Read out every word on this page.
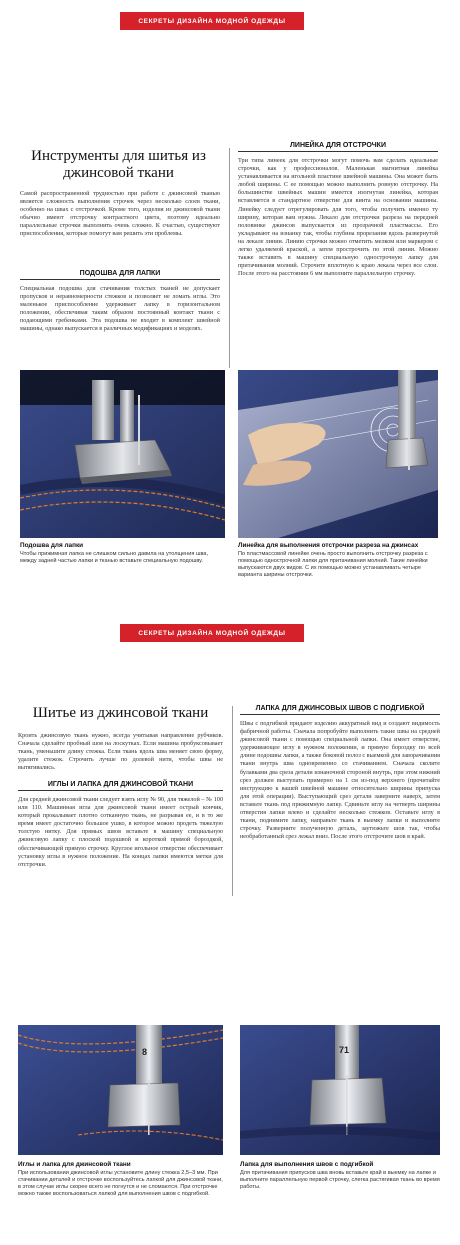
СЕКРЕТЫ ДИЗАЙНА МОДНОЙ ОДЕЖДЫ
Инструменты для шитья из джинсовой ткани

Самой распространенной трудностью при работе с джинсовой тканью является сложность выполнения строчек через несколько слоев ткани, особенно на швах с отстрочкой. Кроме того, изделия из джинсовой ткани обычно имеют отстрочку контрастного цвета, поэтому идеально параллельные строчки выполнить очень сложно. К счастью, существуют приспособления, которые помогут вам решить эти проблемы.

ПОДОШВА ДЛЯ ЛАПКИ

Специальная подошва для стачивания толстых тканей не допускает пропусков и неравномерности стежков и позволяет не ломать иглы. Это маленькое приспособление удерживает лапку в горизонтальном положении, обеспечивая таким образом постоянный контакт ткани с подающими гребенками. Эта подошва не входит в комплект швейной машины, однако выпускается в различных модификациях и моделях.

ЛИНЕЙКА ДЛЯ ОТСТРОЧКИ

Три типа линеек для отстрочки могут помочь вам сделать идеальные строчки, как у профессионалов. Маленькая магнитная линейка устанавливается на игольной пластине швейной машины. Она может быть любой ширины. С ее помощью можно выполнить ровную отстрочку. На большинстве швейных машин имеется изогнутая линейка, которая вставляется в стандартное отверстие для винта на основании машины. Линейку следует отрегулировать для того, чтобы получить именно ту ширину, которая вам нужна. Лекало для отстрочки разреза на передней половинке джинсов выпускается из прозрачной пластмассы. Его укладывают на изнанку так, чтобы глубина прорезания вдоль развернутой на лекале линии. Линию строчки можно отметить мелком или маркером с легко удаляемой краской, а затем прострочить по этой линии. Можно также вставить в машину специальную однострочную лапку для притачивания молний. Строчите вплотную к краю лекала через все слои. После этого на расстоянии 6 мм выполните параллельную строчку.

Подошва для лапки

Чтобы прижимная лапка не слишком сильно давила на утолщения шва, между задней частью лапки и тканью вставьте специальную подошву.

Линейка для выполнения отстрочки разреза на джинсах

По пластмассовой линейке очень просто выполнить отстрочку разреза с помощью однострочной лапки для притачивания молний. Такие линейки выпускаются двух видов. С их помощью можно устанавливать четыре варианта ширины отстрочки.

СЕКРЕТЫ ДИЗАЙНА МОДНОЙ ОДЕЖДЫ
Шитье из джинсовой ткани

Кроить джинсовую ткань нужно, всегда учитывая направление рубчиков. Сначала сделайте пробный шов на лоскутках. Если машина пробуксовывает ткань, уменьшите длину стежка. Если ткань вдоль шва меняет свою форму, удалите стежок. Строчить лучше по долевой нити, чтобы швы не вытягивались.

ИГЛЫ И ЛАПКА ДЛЯ ДЖИНСОВОЙ ТКАНИ

Для средней джинсовой ткани следует взять иглу № 90, для тяжелой – № 100 или 110. Машинная игла для джинсовой ткани имеет острый кончик, который прокалывает плотно сотканную ткань, не разрывая ее, и в то же время имеет достаточно большое ушко, в которое можно продеть тяжелую толстую нитку. Для прямых швов вставьте в машину специальную джинсовую лапку с плоской подошвой и короткой прямой бороздкой, обеспечивающей прямую строчку. Круглое игольное отверстие обеспечивает установку иглы в нужное положение. На концах лапки имеются метки для отстрочки.

ЛАПКА ДЛЯ ДЖИНСОВЫХ ШВОВ С ПОДГИБКОЙ

Швы с подгибкой придают изделию аккуратный вид и создают видимость фабричной работы. Сначала попробуйте выполнить такие швы на средней джинсовой ткани с помощью специальной лапки. Она имеет отверстие, удерживающее иглу в нужном положении, и прямую бороздку по всей длине подошвы лапки, а также боковой полоз с выемкой для заворачивания ткани внутрь шва одновременно со стачиванием. Сначала сколите булавками два среза детали изнаночной стороной внутрь, при этом нижний срез должен выступать примерно на 1 см из-под верхнего (прочитайте инструкцию к вашей швейной машине относительно ширины припуска для этой операции). Выступающий срез детали заверните наверх, затем вставьте ткань под прижимную лапку. Сдвиньте иглу на четверть ширины отверстия лапки влево и сделайте несколько стежков. Оставьте иглу в ткани, поднимите лапку, направьте ткань в выемку лапки и выполните строчку. Разверните полученную деталь, заутюжьте шов так, чтобы необработанный срез лежал вниз. После этого отстрочите шов в край.

8	71

Иглы и лапка для джинсовой ткани

При использовании джинсовой иглы установите длину стежка 2,5–3 мм. При стачивании деталей и отстрочке воспользуйтесь лапкой для джинсовой ткани, в этом случае иглы скорее всего не погнутся и не сломаются. При отстрочке можно также воспользоваться лапкой для выполнения швов с подгибкой.

Лапка для выполнения швов с подгибкой

Для притачивания припусков шва вновь вставьте край в выемку на лапке и выполните параллельную первой строчку, слегка растягивая ткань во время работы.
